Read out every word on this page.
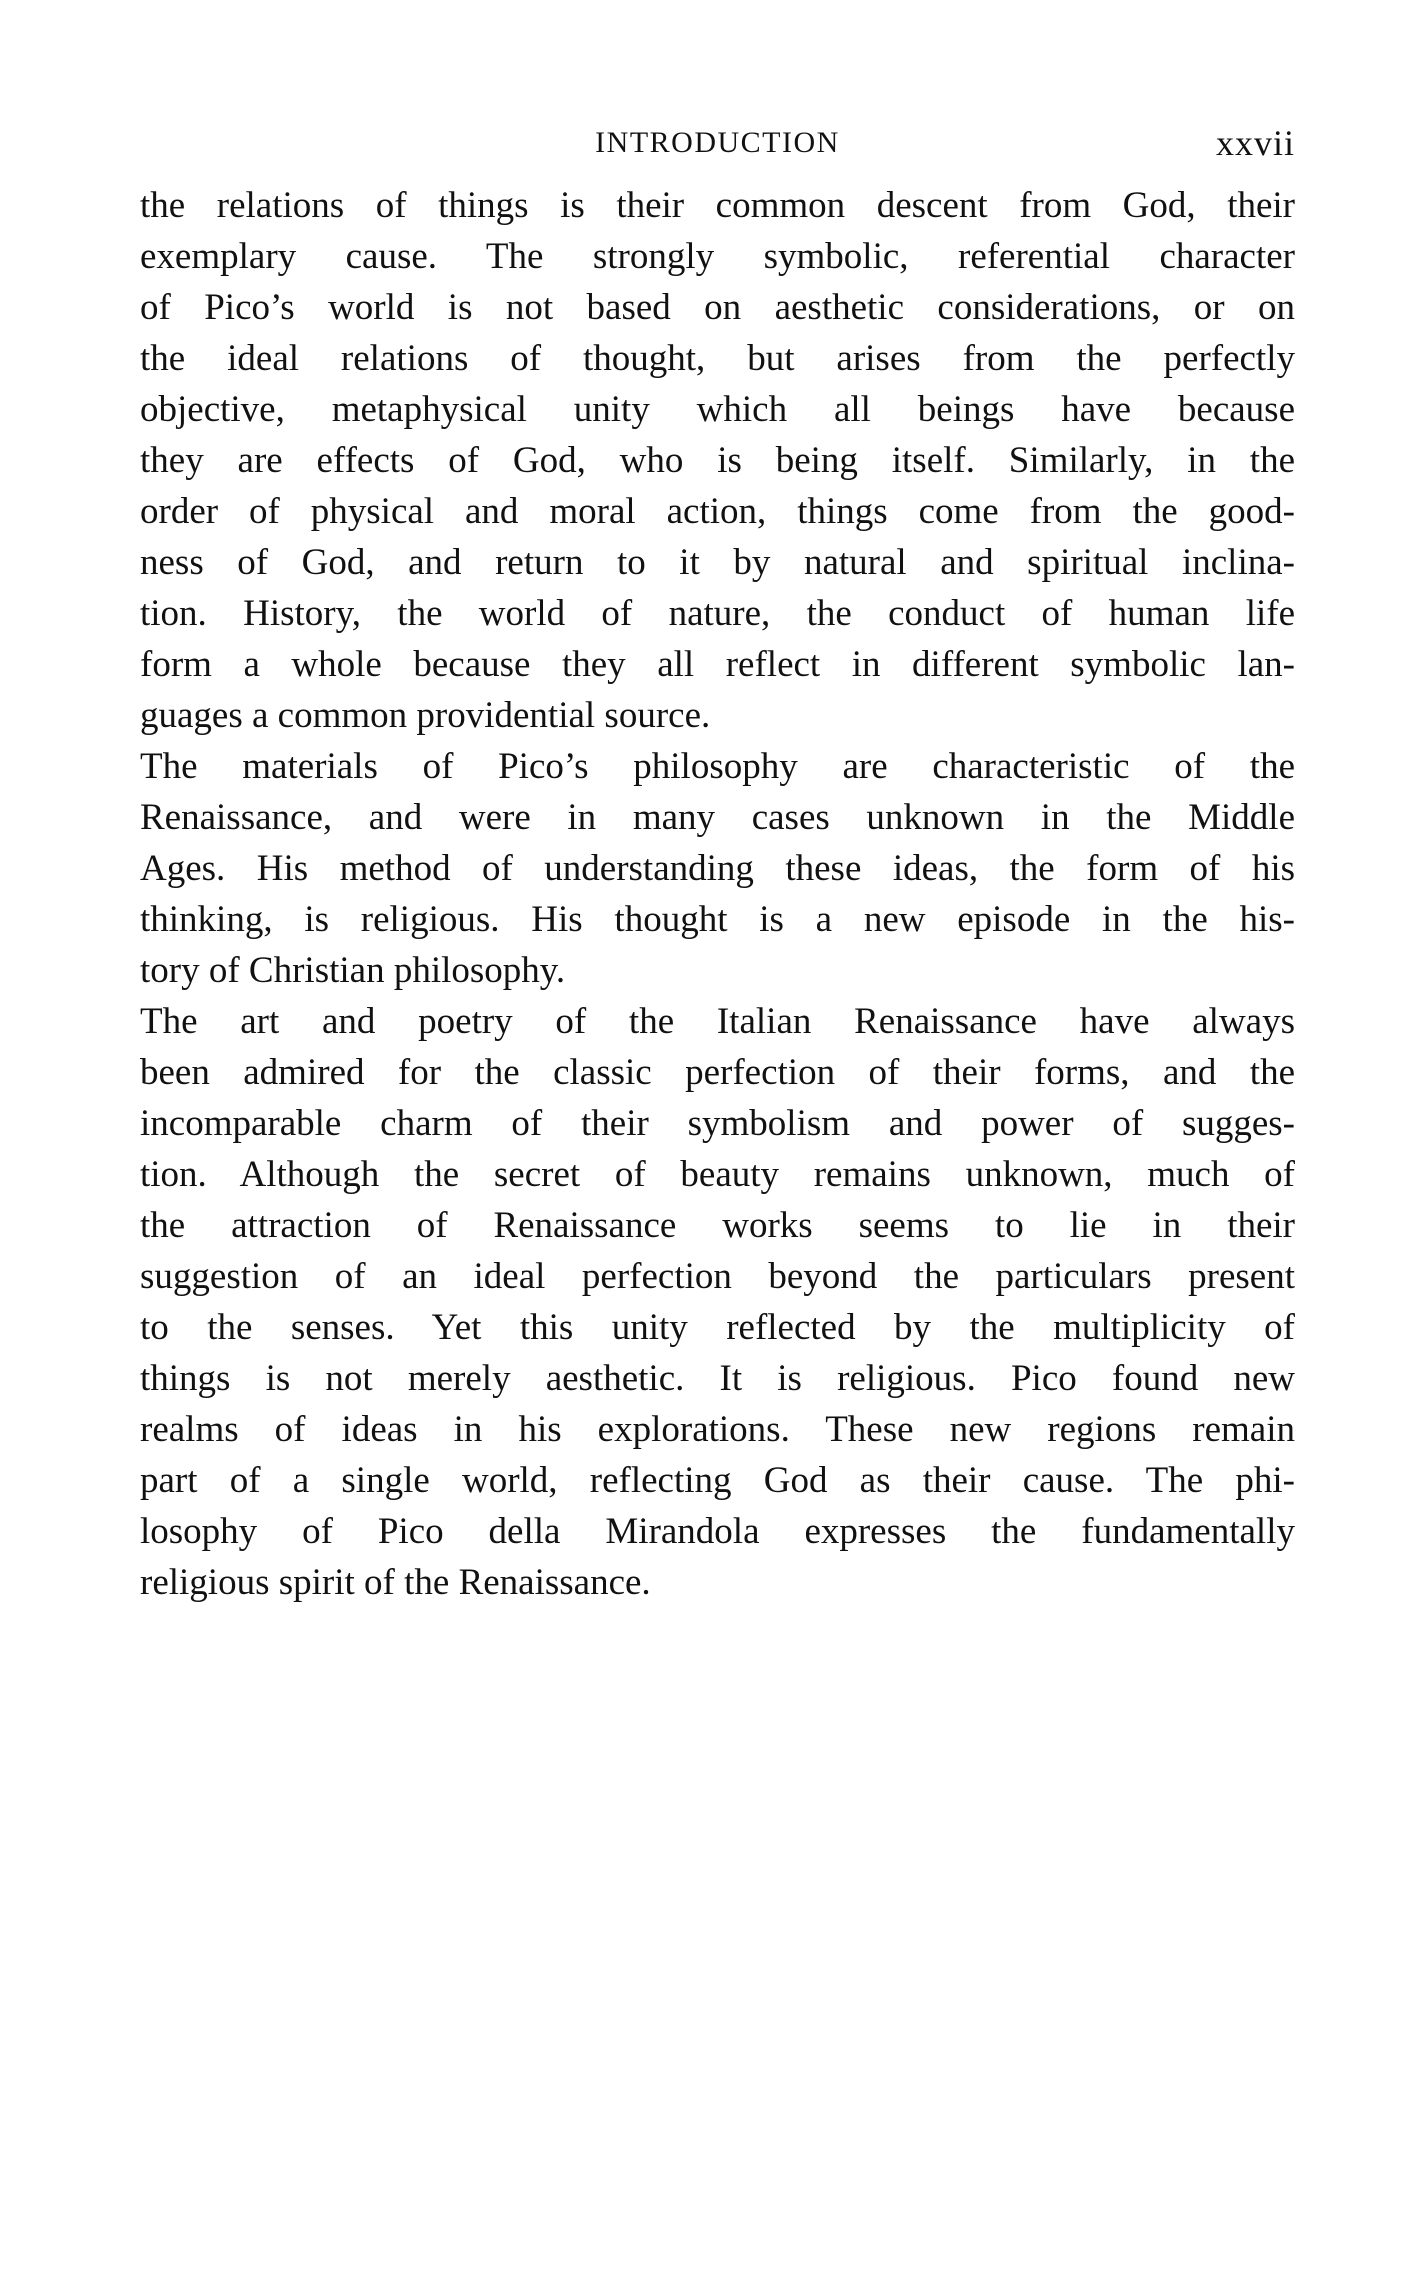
INTRODUCTION	xxvii
the relations of things is their common descent from God, their
exemplary cause. The strongly symbolic, referential character
of Pico’s world is not based on aesthetic considerations, or on
the ideal relations of thought, but arises from the perfectly
objective, metaphysical unity which all beings have because
they are effects of God, who is being itself. Similarly, in the
order of physical and moral action, things come from the good-
ness of God, and return to it by natural and spiritual inclina-
tion. History, the world of nature, the conduct of human life
form a whole because they all reflect in different symbolic lan-
guages a common providential source.
The materials of Pico’s philosophy are characteristic of the
Renaissance, and were in many cases unknown in the Middle
Ages. His method of understanding these ideas, the form of his
thinking, is religious. His thought is a new episode in the his-
tory of Christian philosophy.
The art and poetry of the Italian Renaissance have always
been admired for the classic perfection of their forms, and the
incomparable charm of their symbolism and power of sugges-
tion. Although the secret of beauty remains unknown, much of
the attraction of Renaissance works seems to lie in their
suggestion of an ideal perfection beyond the particulars present
to the senses. Yet this unity reflected by the multiplicity of
things is not merely aesthetic. It is religious. Pico found new
realms of ideas in his explorations. These new regions remain
part of a single world, reflecting God as their cause. The phi-
losophy of Pico della Mirandola expresses the fundamentally
religious spirit of the Renaissance.
